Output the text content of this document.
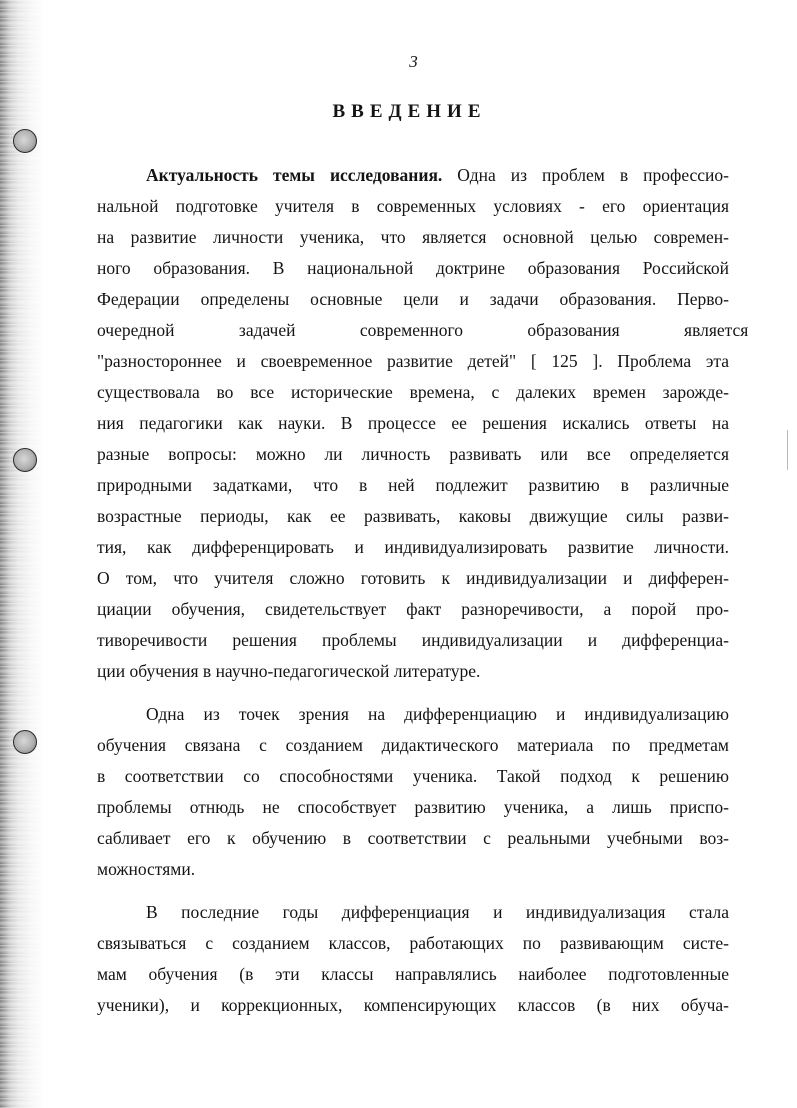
3
ВВЕДЕНИЕ
Актуальность темы исследования. Одна из проблем в профессио-
нальной подготовке учителя в современных условиях - его ориентация
на развитие личности ученика, что является основной целью современ-
ного образования. В национальной доктрине образования Российской
Федерации определены основные цели и задачи образования. Перво-
очередной задачей современного образования является
"разностороннее и своевременное развитие детей" [ 125 ]. Проблема эта
существовала во все исторические времена, с далеких времен зарожде-
ния педагогики как науки. В процессе ее решения искались ответы на
разные вопросы: можно ли личность развивать или все определяется
природными задатками, что в ней подлежит развитию в различные
возрастные периоды, как ее развивать, каковы движущие силы разви-
тия, как дифференцировать и индивидуализировать развитие личности.
О том, что учителя сложно готовить к индивидуализации и дифферен-
циации обучения, свидетельствует факт разноречивости, а порой про-
тиворечивости решения проблемы индивидуализации и дифференциа-
ции обучения в научно-педагогической литературе.
Одна из точек зрения на дифференциацию и индивидуализацию
обучения связана с созданием дидактического материала по предметам
в соответствии со способностями ученика. Такой подход к решению
проблемы отнюдь не способствует развитию ученика, а лишь приспо-
сабливает его к обучению в соответствии с реальными учебными воз-
можностями.
В последние годы дифференциация и индивидуализация стала
связываться с созданием классов, работающих по развивающим систе-
мам обучения (в эти классы направлялись наиболее подготовленные
ученики), и коррекционных, компенсирующих классов (в них обуча-
